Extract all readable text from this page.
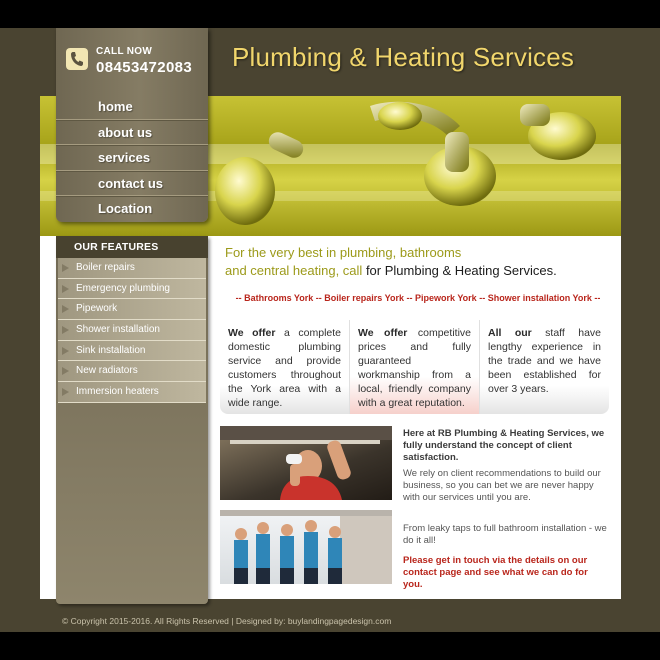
CALL NOW
08453472083
home
about us
services
contact us
Location
Plumbing & Heating Services
OUR FEATURES
Boiler repairs
Emergency plumbing
Pipework
Shower installation
Sink installation
New radiators
Immersion heaters

For the very best in plumbing, bathrooms
and central heating, call for Plumbing & Heating Services.

-- Bathrooms York -- Boiler repairs York -- Pipework York -- Shower installation York --
We offer a complete domestic plumbing service and provide customers throughout the York area with a wide range.
We offer competitive prices and fully guaranteed workmanship from a local, friendly company with a great reputation.
All our staff have lengthy experience in the trade and we have been established for over 3 years.

Here at RB Plumbing & Heating Services, we fully understand the concept of client satisfaction.

We rely on client recommendations to build our business, so you can bet we are never happy with our services until you are.

From leaky taps to full bathroom installation - we do it all!

Please get in touch via the details on our contact page and see what we can do for you.

© Copyright 2015-2016. All Rights Reserved | Designed by: buylandingpagedesign.com
